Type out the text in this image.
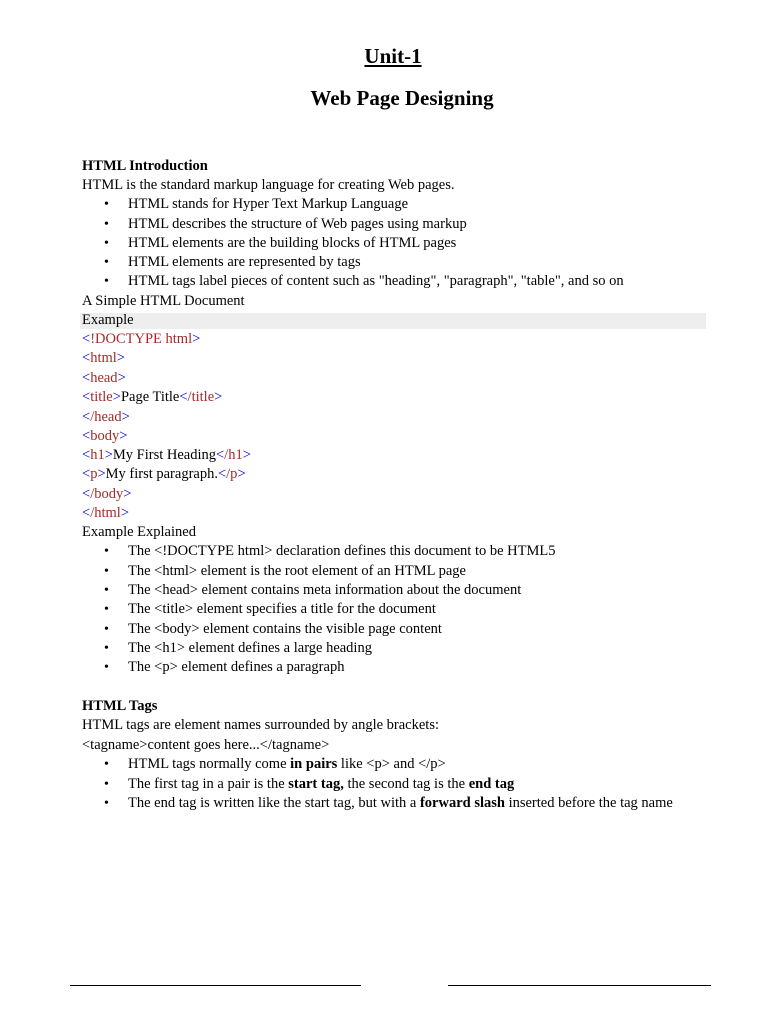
Unit-1
Web Page Designing
HTML Introduction
HTML is the standard markup language for creating Web pages.
• HTML stands for Hyper Text Markup Language
• HTML describes the structure of Web pages using markup
• HTML elements are the building blocks of HTML pages
• HTML elements are represented by tags
• HTML tags label pieces of content such as "heading", "paragraph", "table", and so on
A Simple HTML Document
Example
<!DOCTYPE html>
<html>
<head>
<title>Page Title</title>
</head>
<body>
<h1>My First Heading</h1>
<p>My first paragraph.</p>
</body>
</html>
Example Explained
• The <!DOCTYPE html> declaration defines this document to be HTML5
• The <html> element is the root element of an HTML page
• The <head> element contains meta information about the document
• The <title> element specifies a title for the document
• The <body> element contains the visible page content
• The <h1> element defines a large heading
• The <p> element defines a paragraph
HTML Tags
HTML tags are element names surrounded by angle brackets:
<tagname>content goes here...</tagname>
• HTML tags normally come in pairs like <p> and </p>
• The first tag in a pair is the start tag, the second tag is the end tag
• The end tag is written like the start tag, but with a forward slash inserted before the tag name
